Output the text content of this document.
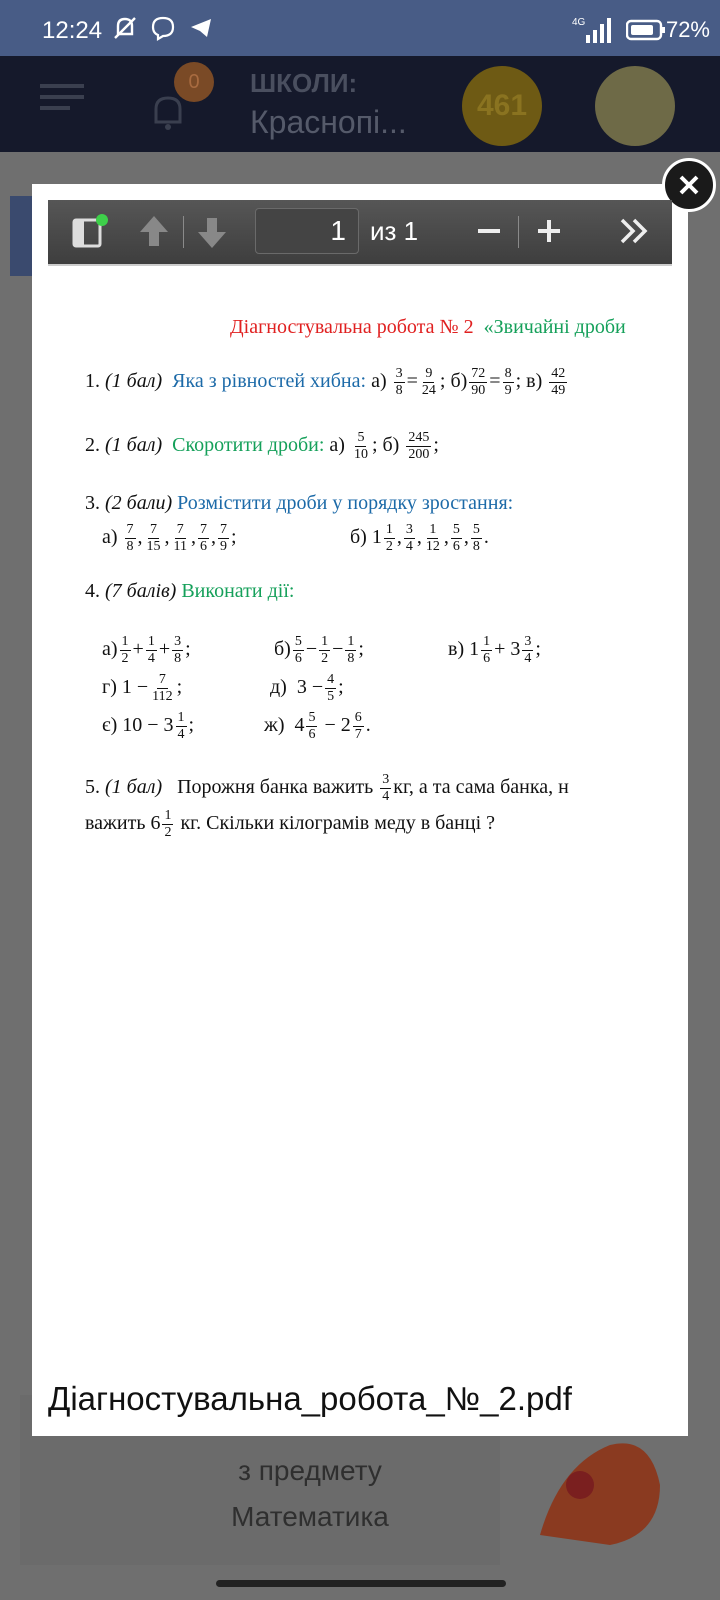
12:24	4G	72%
0	ШКОЛИ:
Краснопі...	461
з предмету
Математика
1 из 1
Діагностувальна робота № 2 «Звичайні дроби
1. (1 бал) Яка з рівностей хибна: $а) \frac{3}{8} = \frac{9}{24}$ ; $б) \frac{72}{90} = \frac{8}{9}$ ; $в) \frac{42}{49}$
2. (1 бал) Скоротити дроби: $а) \frac{5}{10}$ ; $б) \frac{245}{200}$ ;
3. (2 бали) Розмістити дроби у порядку зростання:
$а) \frac{7}{8}$ , $\frac{7}{15}$ , $\frac{7}{11}$ , $\frac{7}{6}$ , $\frac{7}{9}$ ;	б) $1 \frac{1}{2}$ , $\frac{3}{4}$ , $\frac{1}{12}$ , $\frac{5}{6}$ , $\frac{5}{8}$ .
4. (7 балів) Виконати дії:
$а) \frac{1}{2} + \frac{1}{4} + \frac{3}{8}$ ;	$б) \frac{5}{6} - \frac{1}{2} - \frac{1}{8}$ ;	в) $1 \frac{1}{6} + 3 \frac{3}{4}$ ;
г) $1 - \frac{7}{112}$ ;	д) $3 - \frac{4}{5}$ ;
є) $10 - 3 \frac{1}{4}$ ;	ж) $4 \frac{5}{6} - 2 \frac{6}{7}$ .
5. (1 бал) Порожня банка важить $\frac{3}{4}$ кг, а та сама банка, н
важить $6 \frac{1}{2}$ кг. Скільки кілограмів меду в банці ?
Діагностувальна_робота_№_2.pdf
